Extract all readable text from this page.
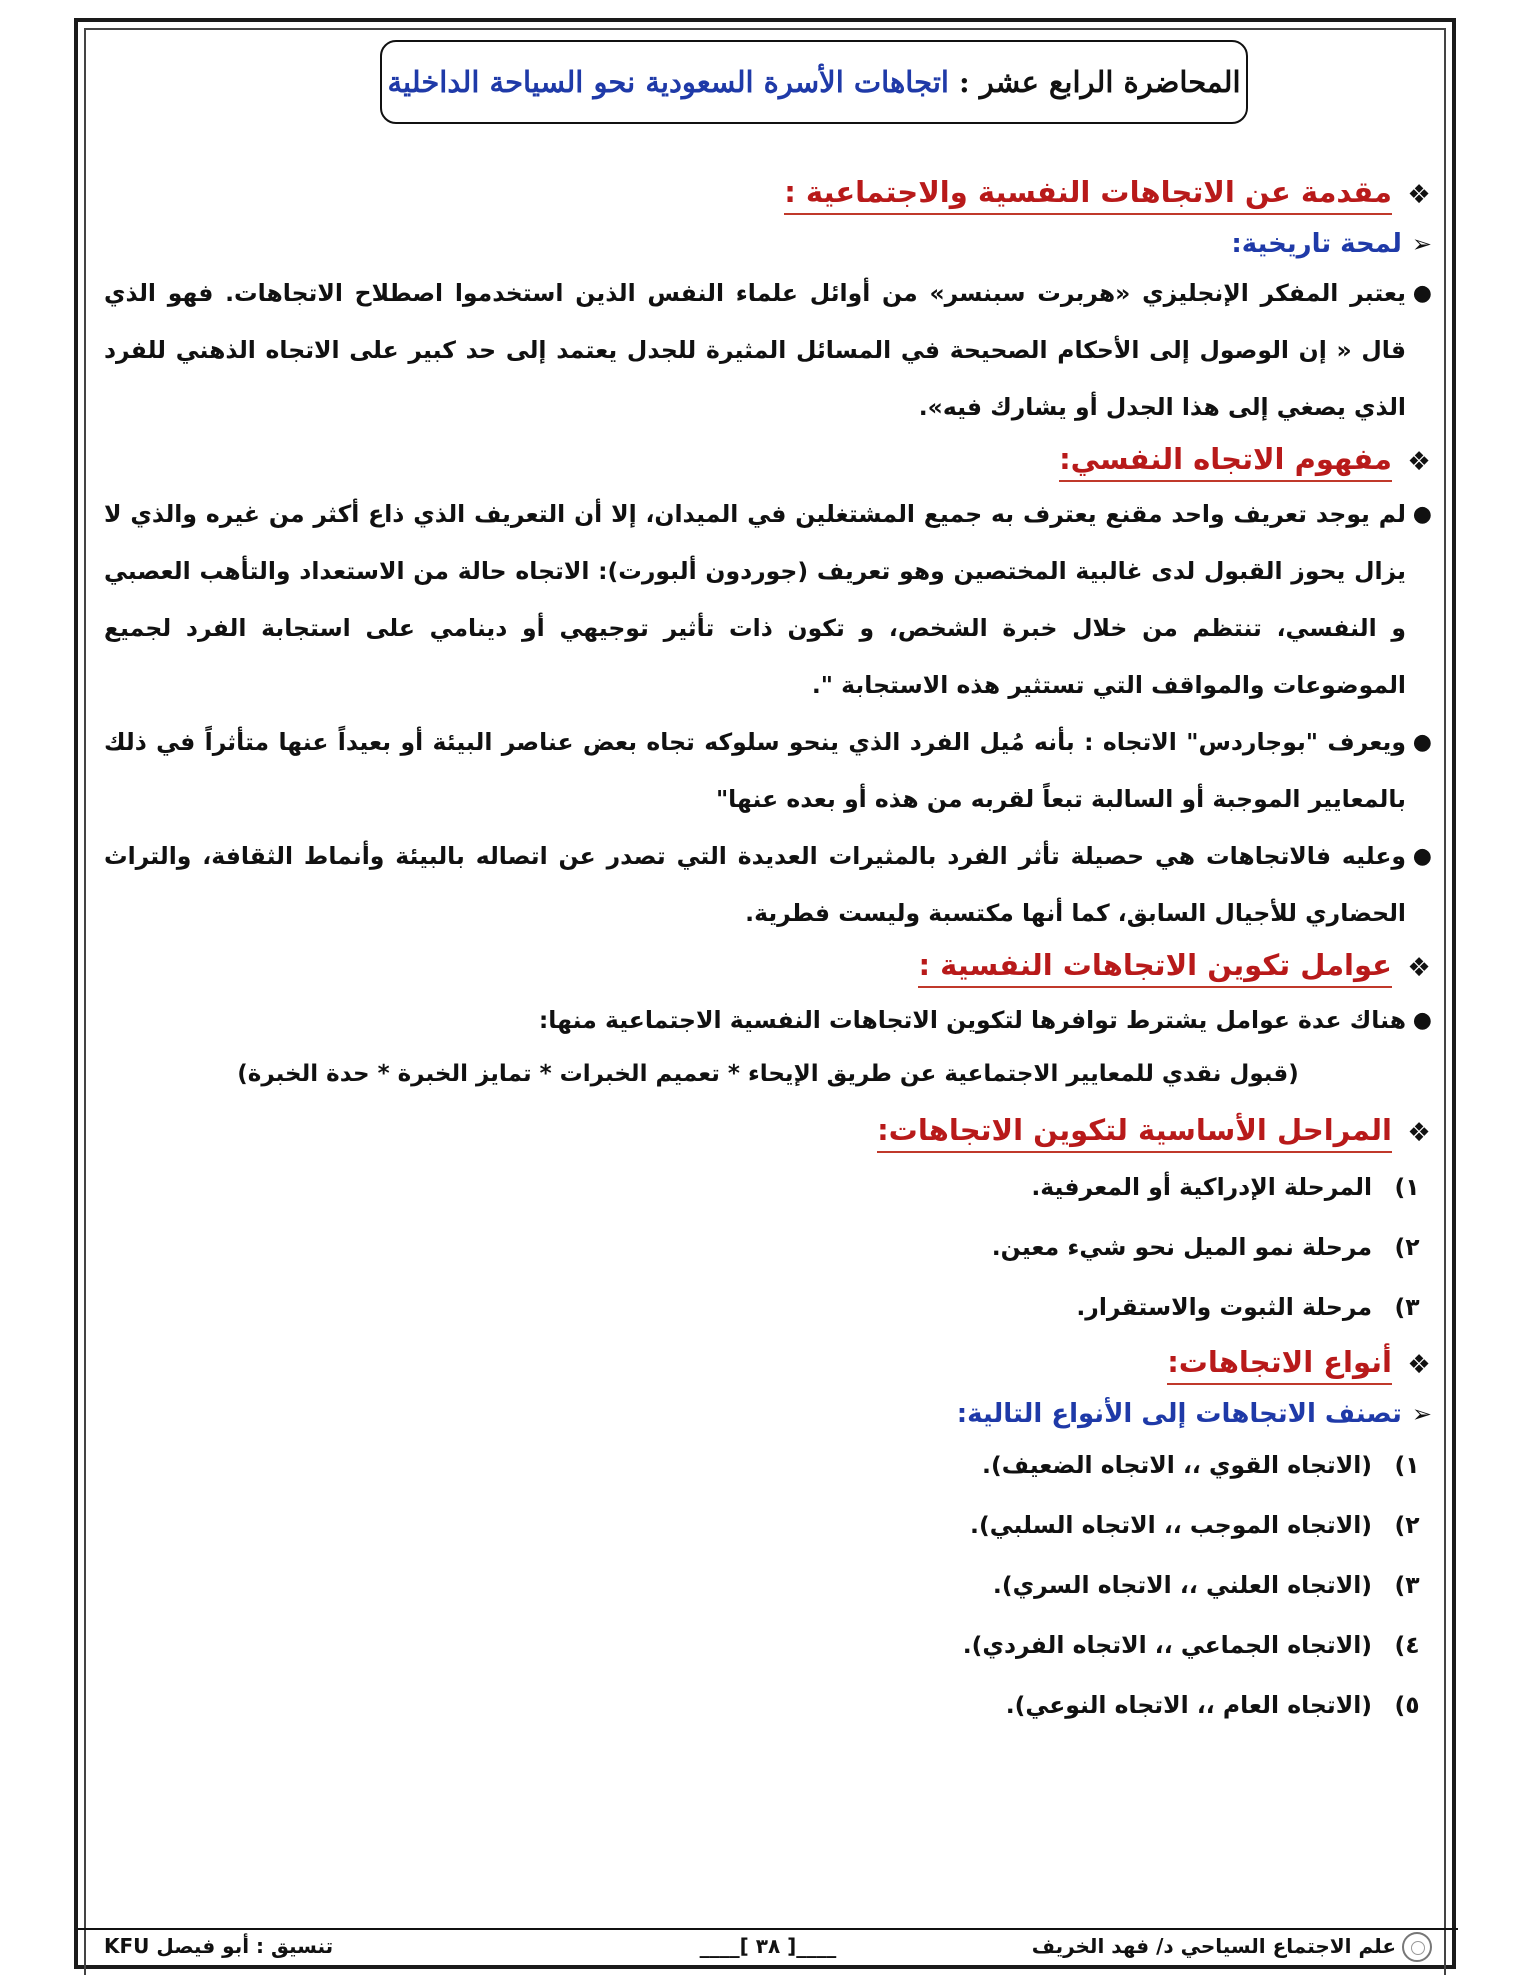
المحاضرة الرابع عشر
:
اتجاهات الأسرة السعودية نحو السياحة الداخلية
❖
مقدمة عن الاتجاهات النفسية والاجتماعية :
➢
لمحة تاريخية:

●
يعتبر المفكر الإنجليزي «هربرت سبنسر» من أوائل علماء النفس الذين استخدموا اصطلاح الاتجاهات. فهو الذي قال « إن الوصول إلى الأحكام الصحيحة في المسائل المثيرة للجدل يعتمد إلى حد كبير على الاتجاه الذهني للفرد الذي يصغي إلى هذا الجدل أو يشارك فيه».

❖
مفهوم الاتجاه النفسي:

●
لم يوجد تعريف واحد مقنع يعترف به جميع المشتغلين في الميدان، إلا أن التعريف الذي ذاع أكثر من غيره والذي لا يزال يحوز القبول لدى غالبية المختصين وهو تعريف (جوردون ألبورت): الاتجاه حالة من الاستعداد والتأهب العصبي و النفسي، تنتظم من خلال خبرة الشخص، و تكون ذات تأثير توجيهي أو دينامي على استجابة الفرد لجميع الموضوعات والمواقف التي تستثير هذه الاستجابة ".

●
ويعرف "بوجاردس" الاتجاه : بأنه مُيل الفرد الذي ينحو سلوكه تجاه بعض عناصر البيئة أو بعيداً عنها متأثراً في ذلك بالمعايير الموجبة أو السالبة تبعاً لقربه من هذه أو بعده عنها"

●
وعليه فالاتجاهات هي حصيلة تأثر الفرد بالمثيرات العديدة التي تصدر عن اتصاله بالبيئة وأنماط الثقافة، والتراث الحضاري للأجيال السابق، كما أنها مكتسبة وليست فطرية.

❖
عوامل تكوين الاتجاهات النفسية :

●
هناك عدة عوامل يشترط توافرها لتكوين الاتجاهات النفسية الاجتماعية منها:

(قبول نقدي للمعايير الاجتماعية عن طريق الإيحاء * تعميم الخبرات * تمايز الخبرة * حدة الخبرة)

❖
المراحل الأساسية لتكوين الاتجاهات:

١)
المرحلة الإدراكية أو المعرفية.

٢)
مرحلة نمو الميل نحو شيء معين.

٣)
مرحلة الثبوت والاستقرار.

❖
أنواع الاتجاهات:
➢
تصنف الاتجاهات إلى الأنواع التالية:

١)
(الاتجاه القوي ،، الاتجاه الضعيف).

٢)
(الاتجاه الموجب ،، الاتجاه السلبي).

٣)
(الاتجاه العلني ،، الاتجاه السري).

٤)
(الاتجاه الجماعي ،، الاتجاه الفردي).

٥)
(الاتجاه العام ،، الاتجاه النوعي).

علم الاجتماع السياحي د/ فهد الخريف
____[ ٣٨ ]____
تنسيق : أبو فيصل KFU
